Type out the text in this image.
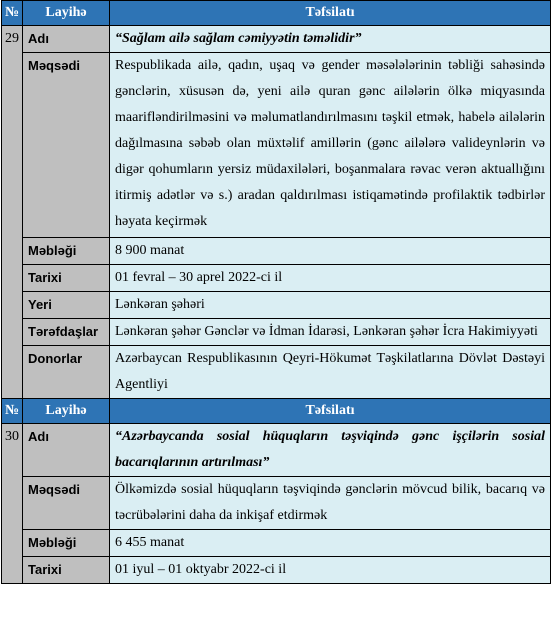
№	Layihə	Təfsilatı
29	Adı	“Sağlam ailə sağlam cəmiyyətin təməlidir”
	Məqsədi	Respublikada ailə, qadın, uşaq və gender məsələlərinin təbliği sahəsində gənclərin, xüsusən də, yeni ailə quran gənc ailələrin ölkə miqyasında maarifləndirilməsini və məlumatlandırılmasını təşkil etmək, habelə ailələrin dağılmasına səbəb olan müxtəlif amillərin (gənc ailələrə valideynlərin və digər qohumların yersiz müdaxilələri, boşanmalara rəvac verən aktuallığını itirmiş adətlər və s.) aradan qaldırılması istiqamətində profilaktik tədbirlər həyata keçirmək
	Məbləği	8 900 manat
	Tarixi	01 fevral – 30 aprel 2022-ci il
	Yeri	Lənkəran şəhəri
	Tərəfdaşlar	Lənkəran şəhər Gənclər və İdman İdarəsi, Lənkəran şəhər İcra Hakimiyyəti
	Donorlar	Azərbaycan Respublikasının Qeyri-Hökumət Təşkilatlarına Dövlət Dəstəyi Agentliyi
№	Layihə	Təfsilatı
30	Adı	“Azərbaycanda sosial hüquqların təşviqində gənc işçilərin sosial bacarıqlarının artırılması”
	Məqsədi	Ölkəmizdə sosial hüquqların təşviqində gənclərin mövcud bilik, bacarıq və təcrübələrini daha da inkişaf etdirmək
	Məbləği	6 455 manat
	Tarixi	01 iyul – 01 oktyabr 2022-ci il
